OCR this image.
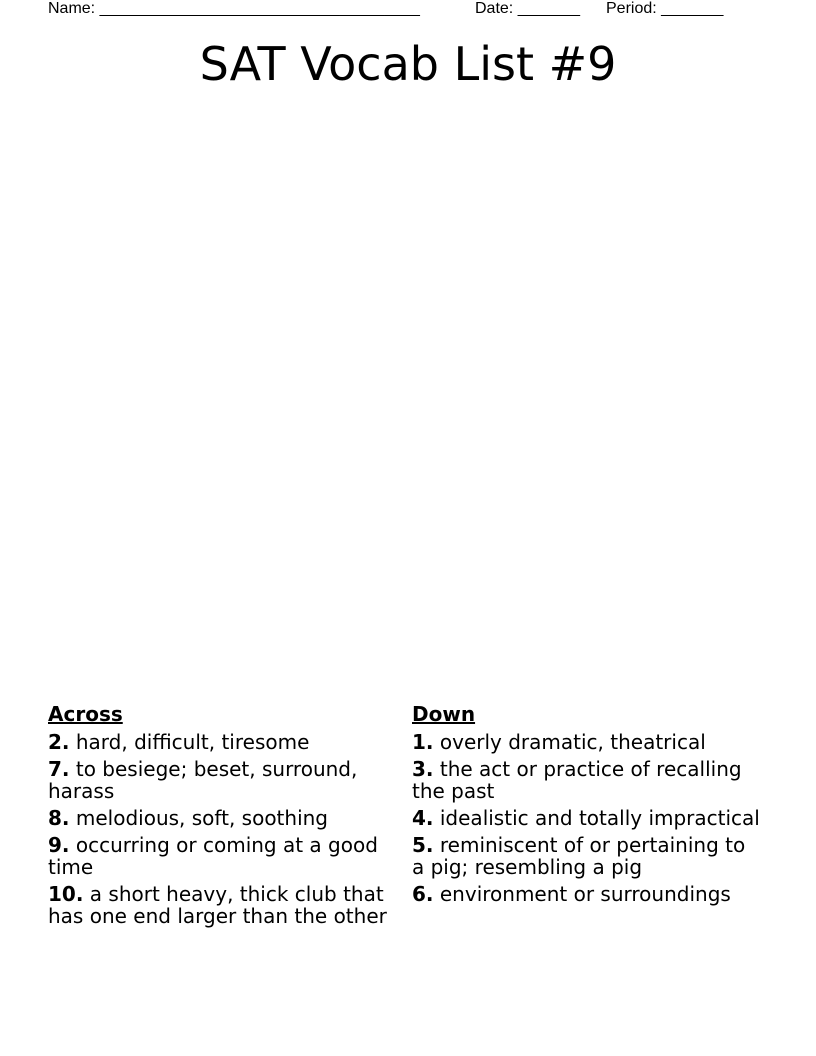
Name: ____________________________________	Date: _______ Period: _______
SAT Vocab List #9
Across
2. hard, difficult, tiresome
7. to besiege; beset, surround, harass
8. melodious, soft, soothing
9. occurring or coming at a good time
10. a short heavy, thick club that has one end larger than the other
Down
1. overly dramatic, theatrical
3. the act or practice of recalling the past
4. idealistic and totally impractical
5. reminiscent of or pertaining to a pig; resembling a pig
6. environment or surroundings
